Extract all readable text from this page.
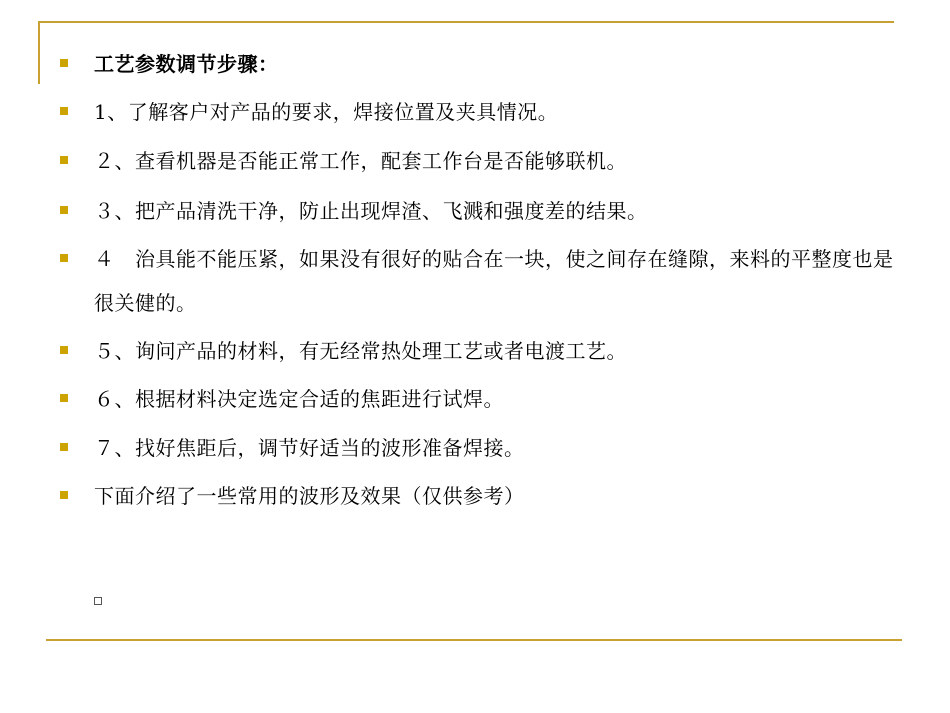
工艺参数调节步骤：
1、了解客户对产品的要求，焊接位置及夹具情况。
２、查看机器是否能正常工作，配套工作台是否能够联机。
３、把产品清洗干净，防止出现焊渣、飞溅和强度差的结果。
４　治具能不能压紧，如果没有很好的贴合在一块，使之间存在缝隙，来料的平整度也是很关健的。
５、询问产品的材料，有无经常热处理工艺或者电渡工艺。
６、根据材料决定选定合适的焦距进行试焊。
７、找好焦距后，调节好适当的波形准备焊接。
下面介绍了一些常用的波形及效果（仅供参考）
